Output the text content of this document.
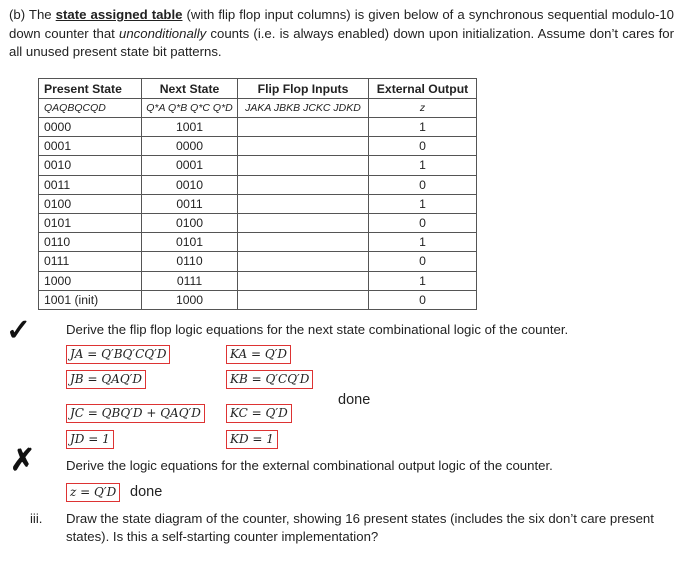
(b) The state assigned table (with flip flop input columns) is given below of a synchronous sequential modulo-10 down counter that unconditionally counts (i.e. is always enabled) down upon initialization. Assume don’t cares for all unused present state bit patterns.
Present State	Next State	Flip Flop Inputs	External Output
QAQBQCQD	Q*A Q*B Q*C Q*D	JAKA JBKB JCKC JDKD	z
0000	1001		1
0001	0000		0
0010	0001		1
0011	0010		0
0100	0011		1
0101	0100		0
0110	0101		1
0111	0110		0
1000	0111		1
1001 (init)	1000		0
✓	Derive the flip flop logic equations for the next state combinational logic of the counter.
JA = Q′BQ′CQ′D	KA = Q′D
JB = QAQ′D	KB = Q′CQ′D
JC = QBQ′D + QAQ′D	KC = Q′D
JD = 1	KD = 1
done
✗ Derive the logic equations for the external combinational output logic of the counter.
z = Q′D done
iii. Draw the state diagram of the counter, showing 16 present states (includes the six don’t care present states). Is this a self-starting counter implementation?
